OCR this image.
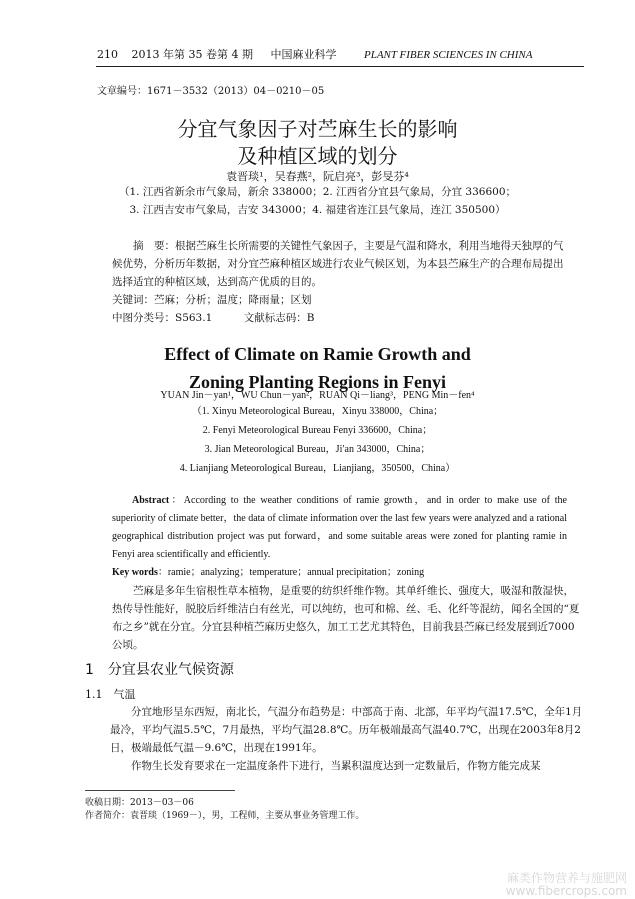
210 2013 年第 35 卷第 4 期 中国麻业科学	PLANT FIBER SCIENCES IN CHINA
文章编号：1671－3532（2013）04－0210－05
分宜气象因子对苎麻生长的影响
及种植区域的划分
袁晋琰¹，吴春燕²，阮启亮³，彭旻芬⁴
（1. 江西省新余市气象局，新余 338000；2. 江西省分宜县气象局，分宜 336600；
3. 江西吉安市气象局，吉安 343000；4. 福建省连江县气象局，连江 350500）

摘　要：根据苎麻生长所需要的关键性气象因子，主要是气温和降水，利用当地得天独厚的气候优势，分析历年数据，对分宜苎麻种植区域进行农业气候区划，为本县苎麻生产的合理布局提出选择适宜的种植区域，达到高产优质的目的。

关键词：苎麻；分析；温度；降雨量；区划

中图分类号：S563.1　　　文献标志码：B

Effect of Climate on Ramie Growth and
Zoning Planting Regions in Fenyi
YUAN Jin－yan¹，WU Chun－yan²，RUAN Qi－liang³，PENG Min－fen⁴
（1. Xinyu Meteorological Bureau，Xinyu 338000，China；
2. Fenyi Meteorological Bureau Fenyi 336600，China；
3. Jian Meteorological Bureau，Ji′an 343000，China；
4. Lianjiang Meteorological Bureau，Lianjiang，350500，China）

Abstract：According to the weather conditions of ramie growth，and in order to make use of the superiority of climate better，the data of climate information over the last few years were analyzed and a rational geographical distribution project was put forward，and some suitable areas were zoned for planting ramie in Fenyi area scientifically and efficiently.

Key words：ramie；analyzing；temperature；annual precipitation；zoning

苎麻是多年生宿根性草本植物，是重要的纺织纤维作物。其单纤维长、强度大，吸湿和散湿快，热传导性能好，脱胶后纤维洁白有丝光，可以纯纺，也可和棉、丝、毛、化纤等混纺，闻名全国的“夏布之乡”就在分宜。分宜县种植苎麻历史悠久，加工工艺尤其特色，目前我县苎麻已经发展到近7000公顷。

1　分宜县农业气候资源
1.1　气温

分宜地形呈东西短，南北长，气温分布趋势是：中部高于南、北部，年平均气温17.5℃，全年1月最冷，平均气温5.5℃，7月最热，平均气温28.8℃。历年极端最高气温40.7℃，出现在2003年8月2日，极端最低气温－9.6℃，出现在1991年。

作物生长发育要求在一定温度条件下进行，当累积温度达到一定数量后，作物方能完成某

收稿日期：2013－03－06
作者简介：袁晋琰（1969－），男，工程师，主要从事业务管理工作。
麻类作物营养与施肥网
www.fibercrops.com
